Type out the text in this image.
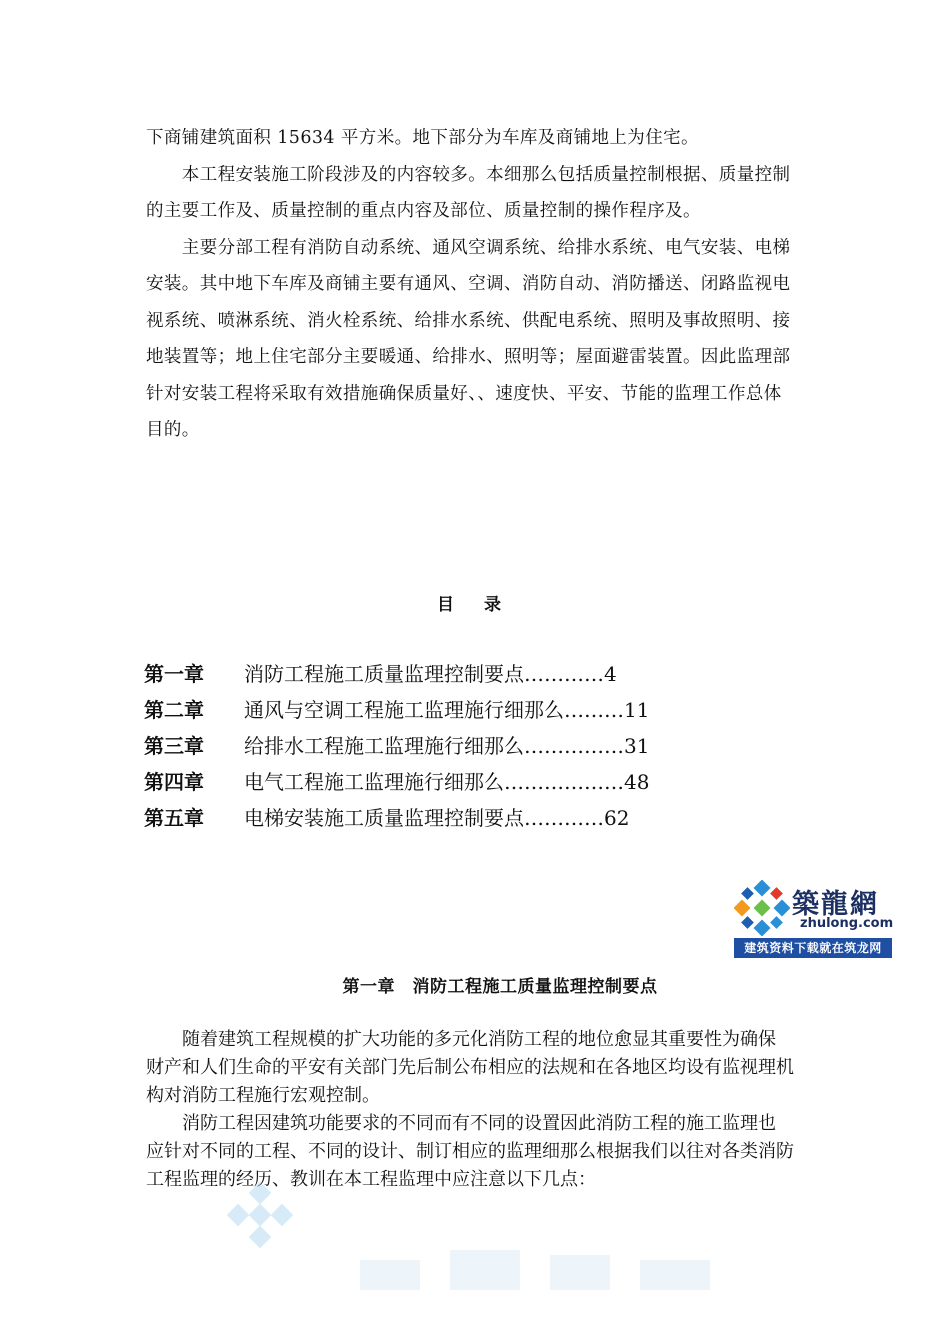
下商铺建筑面积 15634 平方米。地下部分为车库及商铺地上为住宅。
　　本工程安装施工阶段涉及的内容较多。本细那么包括质量控制根据、质量控制
的主要工作及、质量控制的重点内容及部位、质量控制的操作程序及。
　　主要分部工程有消防自动系统、通风空调系统、给排水系统、电气安装、电梯
安装。其中地下车库及商铺主要有通风、空调、消防自动、消防播送、闭路监视电
视系统、喷淋系统、消火栓系统、给排水系统、供配电系统、照明及事故照明、接
地装置等；地上住宅部分主要暖通、给排水、照明等；屋面避雷装置。因此监理部
针对安装工程将采取有效措施确保质量好、、速度快、平安、节能的监理工作总体
目的。
目 录
第一章	消防工程施工质量监理控制要点…………4
第二章	通风与空调工程施工监理施行细那么………11
第三章	给排水工程施工监理施行细那么……………31
第四章	电气工程施工监理施行细那么………………48
第五章	电梯安装施工质量监理控制要点…………62
築龍網
zhulong.com
建筑资料下载就在筑龙网
第一章　消防工程施工质量监理控制要点
　　随着建筑工程规模的扩大功能的多元化消防工程的地位愈显其重要性为确保
财产和人们生命的平安有关部门先后制公布相应的法规和在各地区均设有监视理机
构对消防工程施行宏观控制。
　　消防工程因建筑功能要求的不同而有不同的设置因此消防工程的施工监理也
应针对不同的工程、不同的设计、制订相应的监理细那么根据我们以往对各类消防
工程监理的经历、教训在本工程监理中应注意以下几点：
